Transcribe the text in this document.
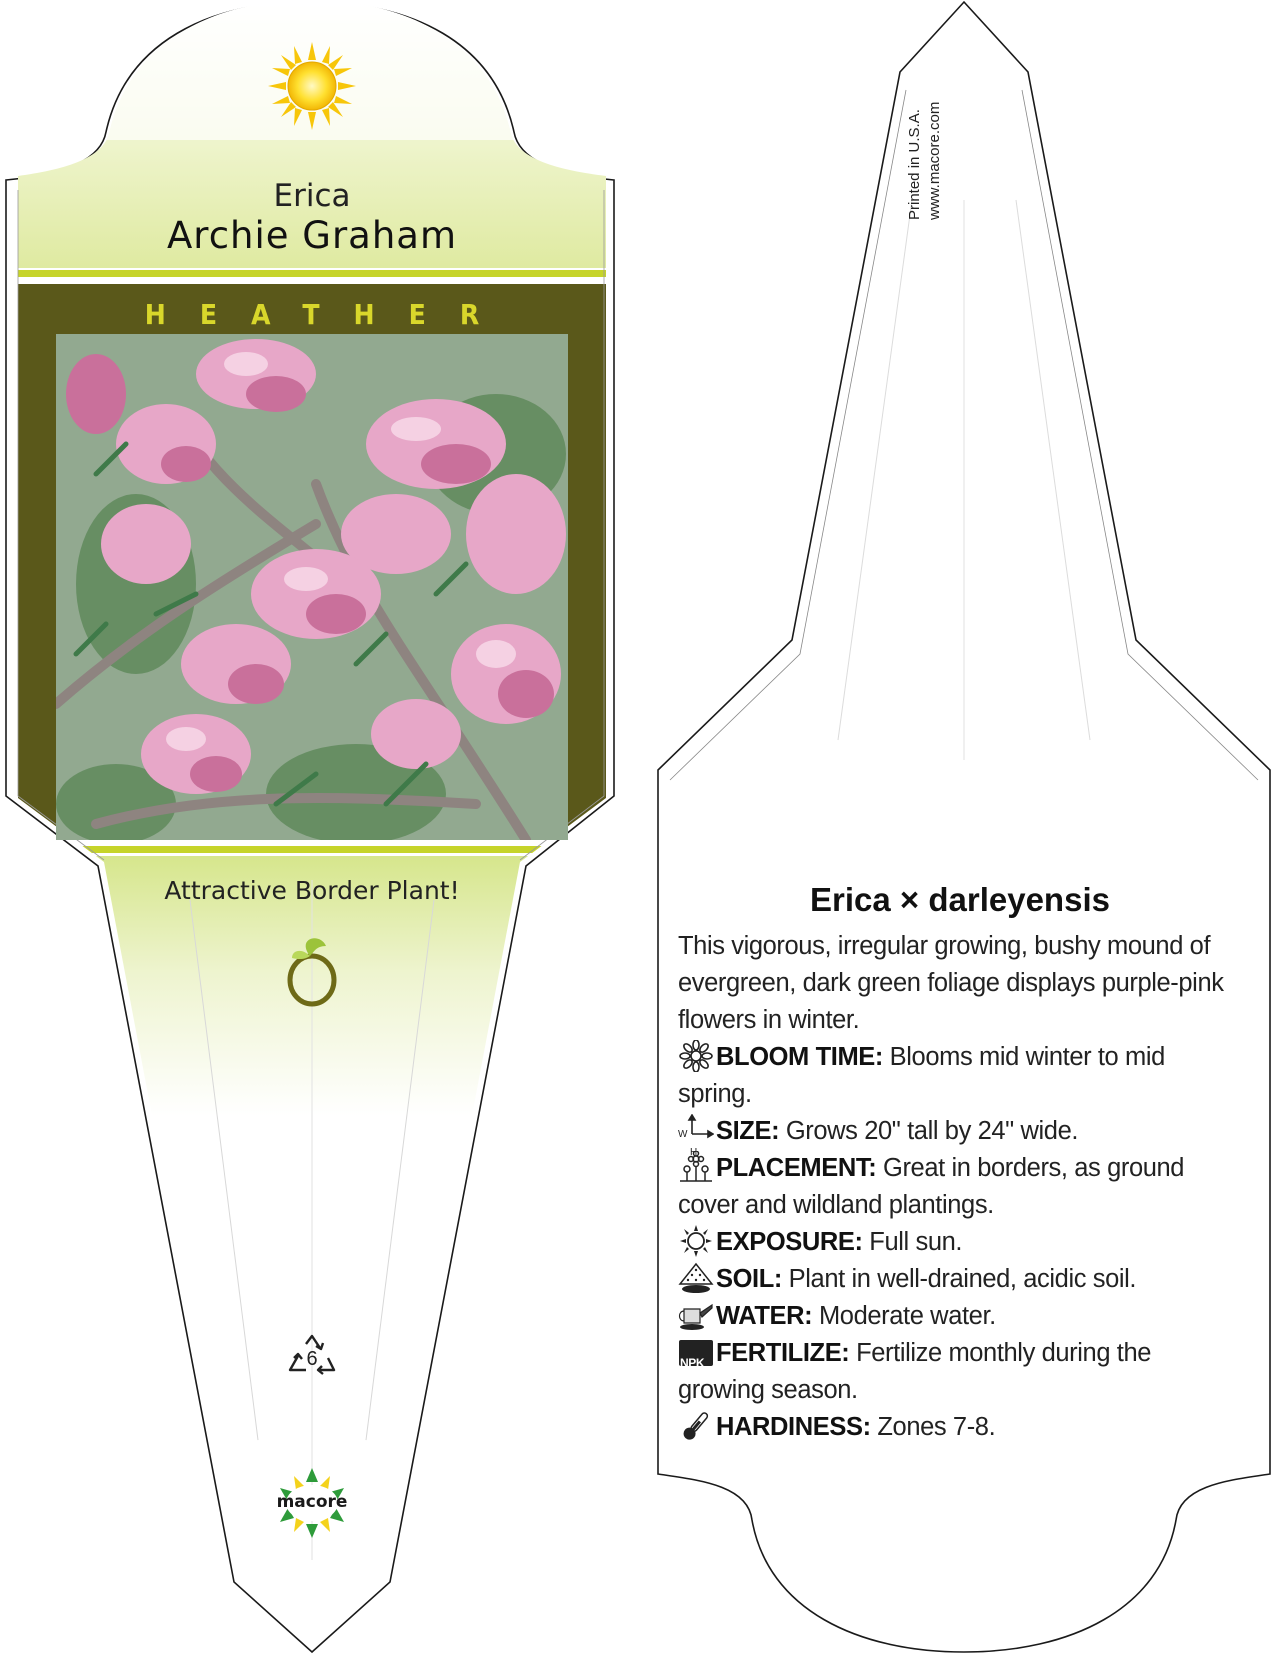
Erica
Archie Graham
HEATHER
Attractive Border Plant!
6
macore
Printed in U.S.A. www.macore.com
Erica × darleyensis

This vigorous, irregular growing, bushy mound of evergreen, dark green foliage displays purple-pink flowers in winter.

BLOOM TIME: Blooms mid winter to mid spring.

W
H
SIZE: Grows 20" tall by 24" wide.

PLACEMENT: Great in borders, as ground cover and wildland plantings.

EXPOSURE: Full sun.

SOIL: Plant in well-drained, acidic soil.

WATER: Moderate water.

NPK FERTILIZE: Fertilize monthly during the growing season.

HARDINESS: Zones 7-8.
